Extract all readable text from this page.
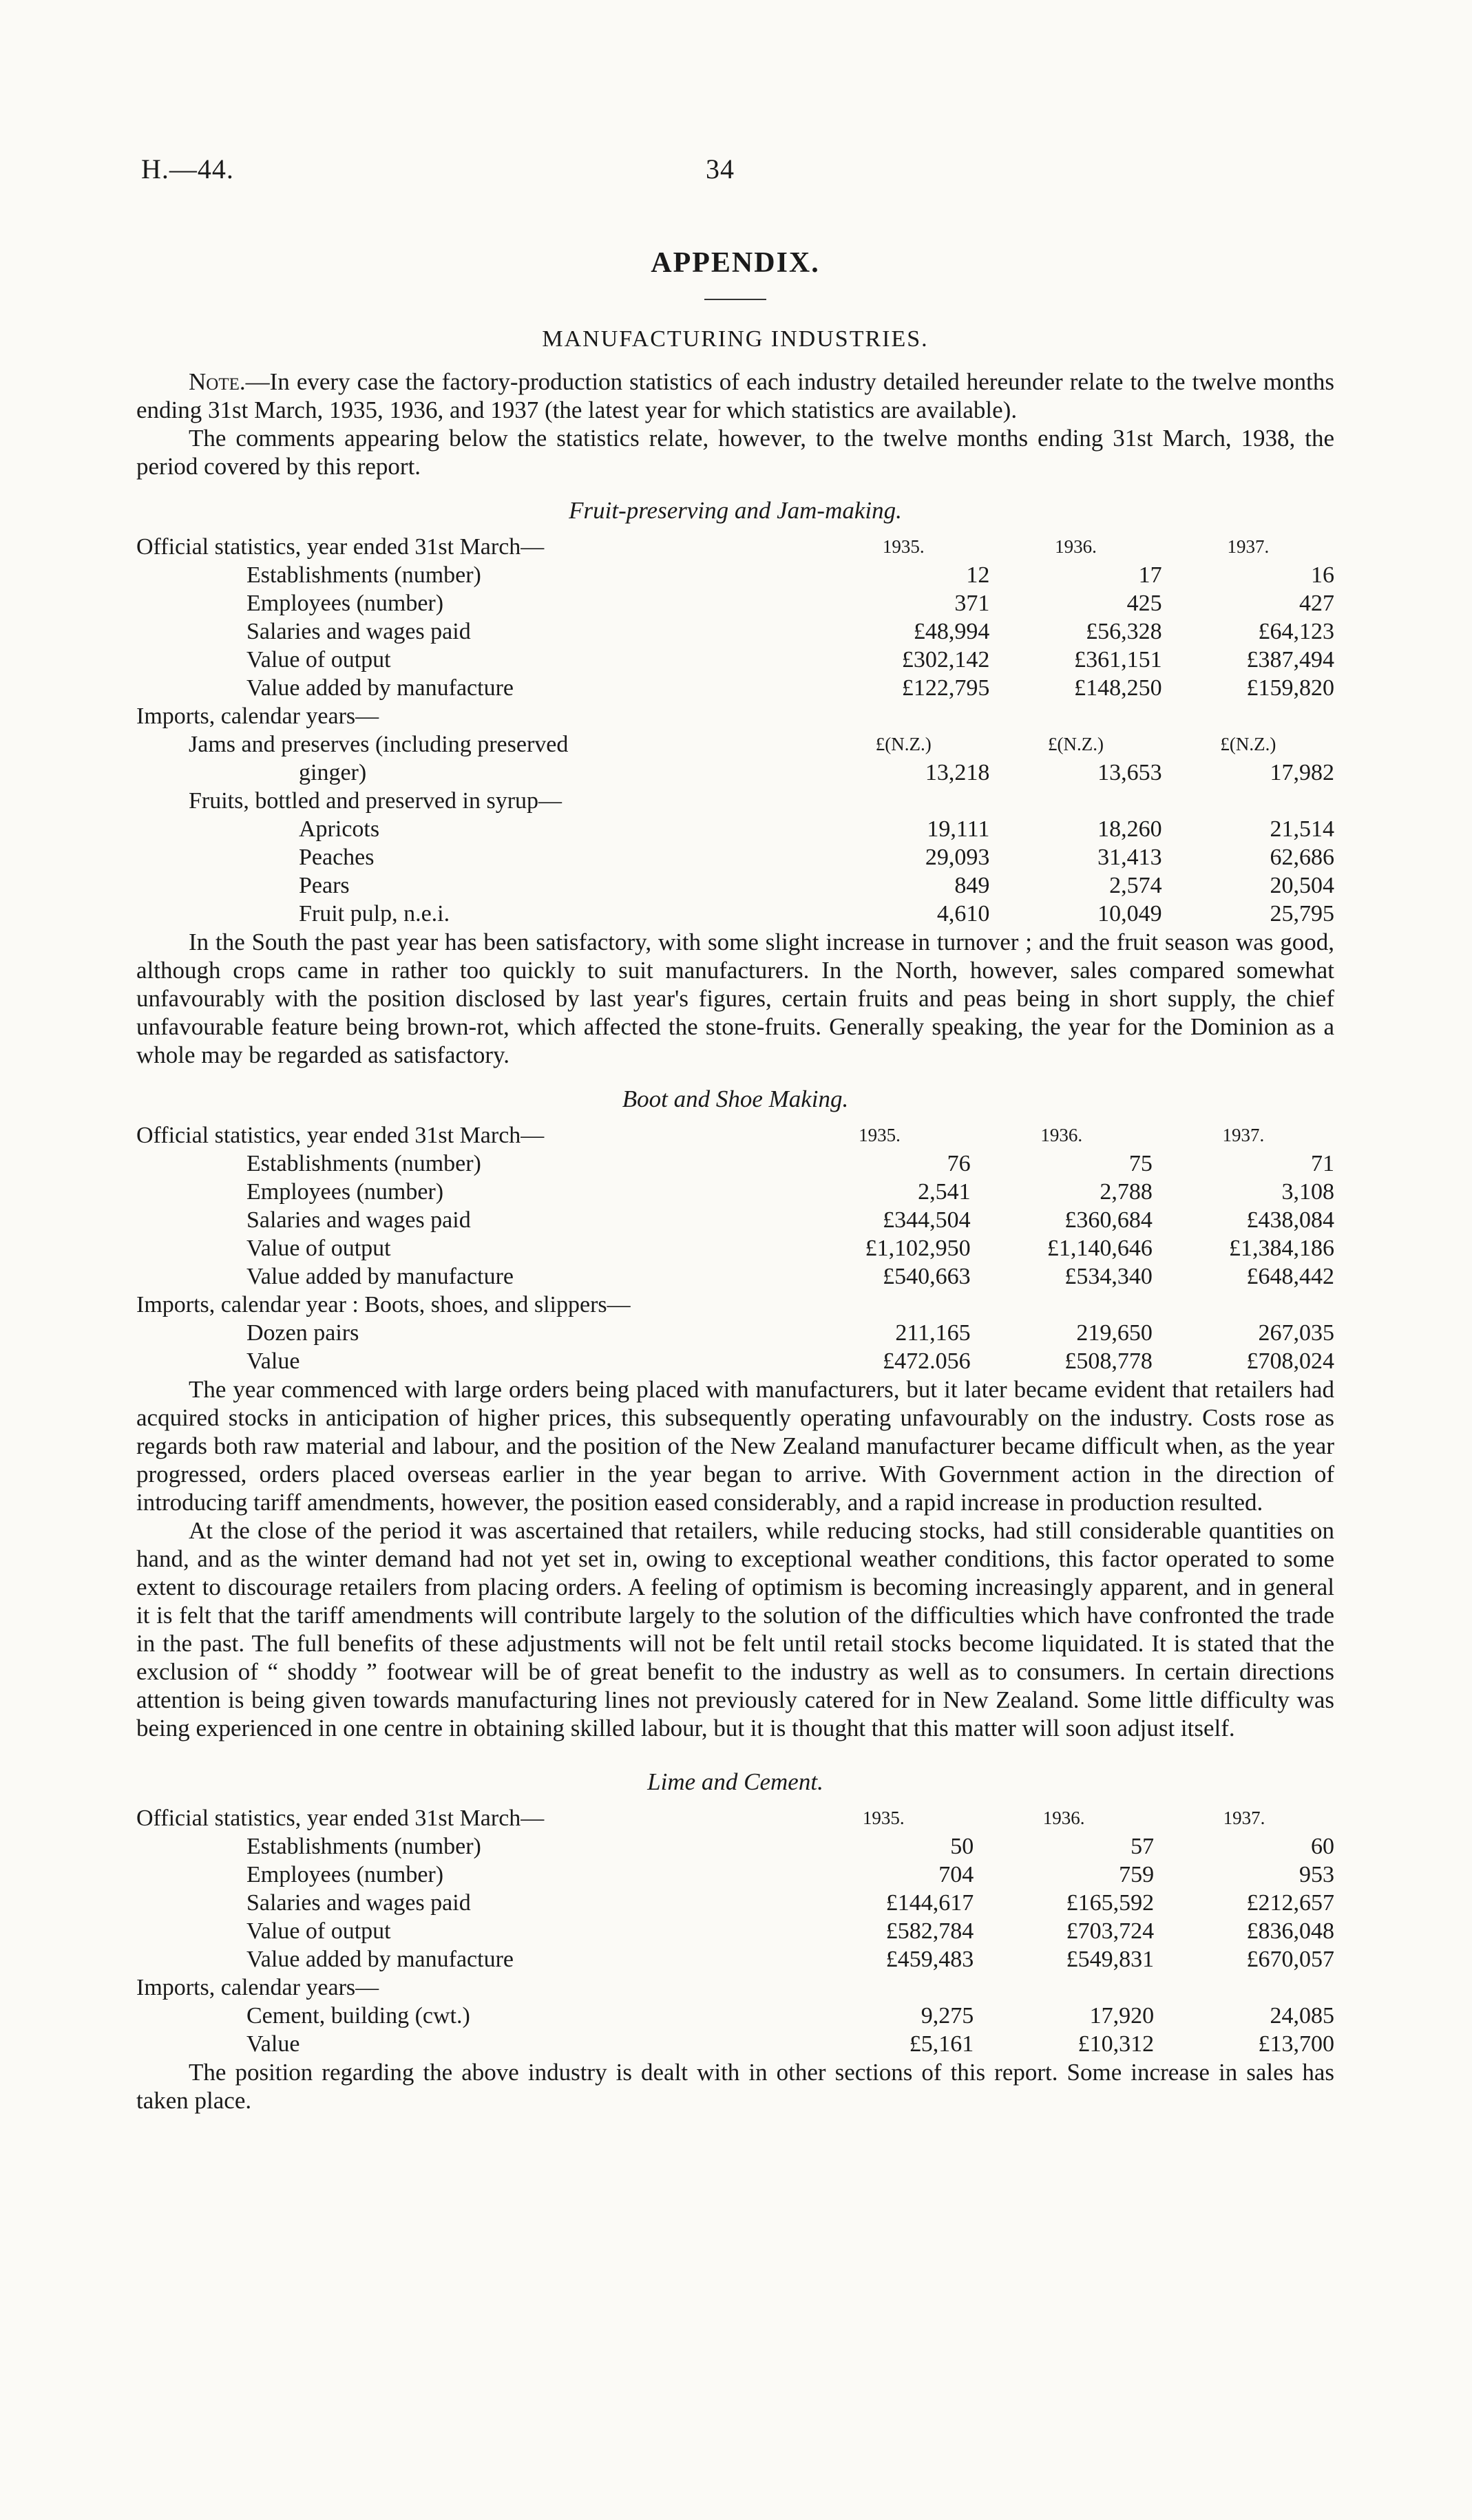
H.—44.	34
APPENDIX.
MANUFACTURING INDUSTRIES.

Note.—In every case the factory-production statistics of each industry detailed hereunder relate to the twelve months ending 31st March, 1935, 1936, and 1937 (the latest year for which statistics are available).

The comments appearing below the statistics relate, however, to the twelve months ending 31st March, 1938, the period covered by this report.

Fruit-preserving and Jam-making.
Official statistics, year ended 31st March—	1935.	1936.	1937.
Establishments (number)	12	17	16
Employees (number)	371	425	427
Salaries and wages paid	£48,994	£56,328	£64,123
Value of output	£302,142	£361,151	£387,494
Value added by manufacture	£122,795	£148,250	£159,820
Imports, calendar years—			
Jams and preserves (including preserved	£(N.Z.)	£(N.Z.)	£(N.Z.)
ginger)	13,218	13,653	17,982
Fruits, bottled and preserved in syrup—			
Apricots	19,111	18,260	21,514
Peaches	29,093	31,413	62,686
Pears	849	2,574	20,504
Fruit pulp, n.e.i.	4,610	10,049	25,795

In the South the past year has been satisfactory, with some slight increase in turnover ; and the fruit season was good, although crops came in rather too quickly to suit manufacturers. In the North, however, sales compared somewhat unfavourably with the position disclosed by last year's figures, certain fruits and peas being in short supply, the chief unfavourable feature being brown-rot, which affected the stone-fruits. Generally speaking, the year for the Dominion as a whole may be regarded as satisfactory.

Boot and Shoe Making.
Official statistics, year ended 31st March—	1935.	1936.	1937.
Establishments (number)	76	75	71
Employees (number)	2,541	2,788	3,108
Salaries and wages paid	£344,504	£360,684	£438,084
Value of output	£1,102,950	£1,140,646	£1,384,186
Value added by manufacture	£540,663	£534,340	£648,442
Imports, calendar year : Boots, shoes, and slippers—			
Dozen pairs	211,165	219,650	267,035
Value	£472.056	£508,778	£708,024

The year commenced with large orders being placed with manufacturers, but it later became evident that retailers had acquired stocks in anticipation of higher prices, this subsequently operating unfavourably on the industry. Costs rose as regards both raw material and labour, and the position of the New Zealand manufacturer became difficult when, as the year progressed, orders placed overseas earlier in the year began to arrive. With Government action in the direction of introducing tariff amendments, however, the position eased considerably, and a rapid increase in production resulted.

At the close of the period it was ascertained that retailers, while reducing stocks, had still considerable quantities on hand, and as the winter demand had not yet set in, owing to exceptional weather conditions, this factor operated to some extent to discourage retailers from placing orders. A feeling of optimism is becoming increasingly apparent, and in general it is felt that the tariff amendments will contribute largely to the solution of the difficulties which have confronted the trade in the past. The full benefits of these adjustments will not be felt until retail stocks become liquidated. It is stated that the exclusion of “ shoddy ” footwear will be of great benefit to the industry as well as to consumers. In certain directions attention is being given towards manufacturing lines not previously catered for in New Zealand. Some little difficulty was being experienced in one centre in obtaining skilled labour, but it is thought that this matter will soon adjust itself.

Lime and Cement.
Official statistics, year ended 31st March—	1935.	1936.	1937.
Establishments (number)	50	57	60
Employees (number)	704	759	953
Salaries and wages paid	£144,617	£165,592	£212,657
Value of output	£582,784	£703,724	£836,048
Value added by manufacture	£459,483	£549,831	£670,057
Imports, calendar years—			
Cement, building (cwt.)	9,275	17,920	24,085
Value	£5,161	£10,312	£13,700

The position regarding the above industry is dealt with in other sections of this report. Some increase in sales has taken place.
